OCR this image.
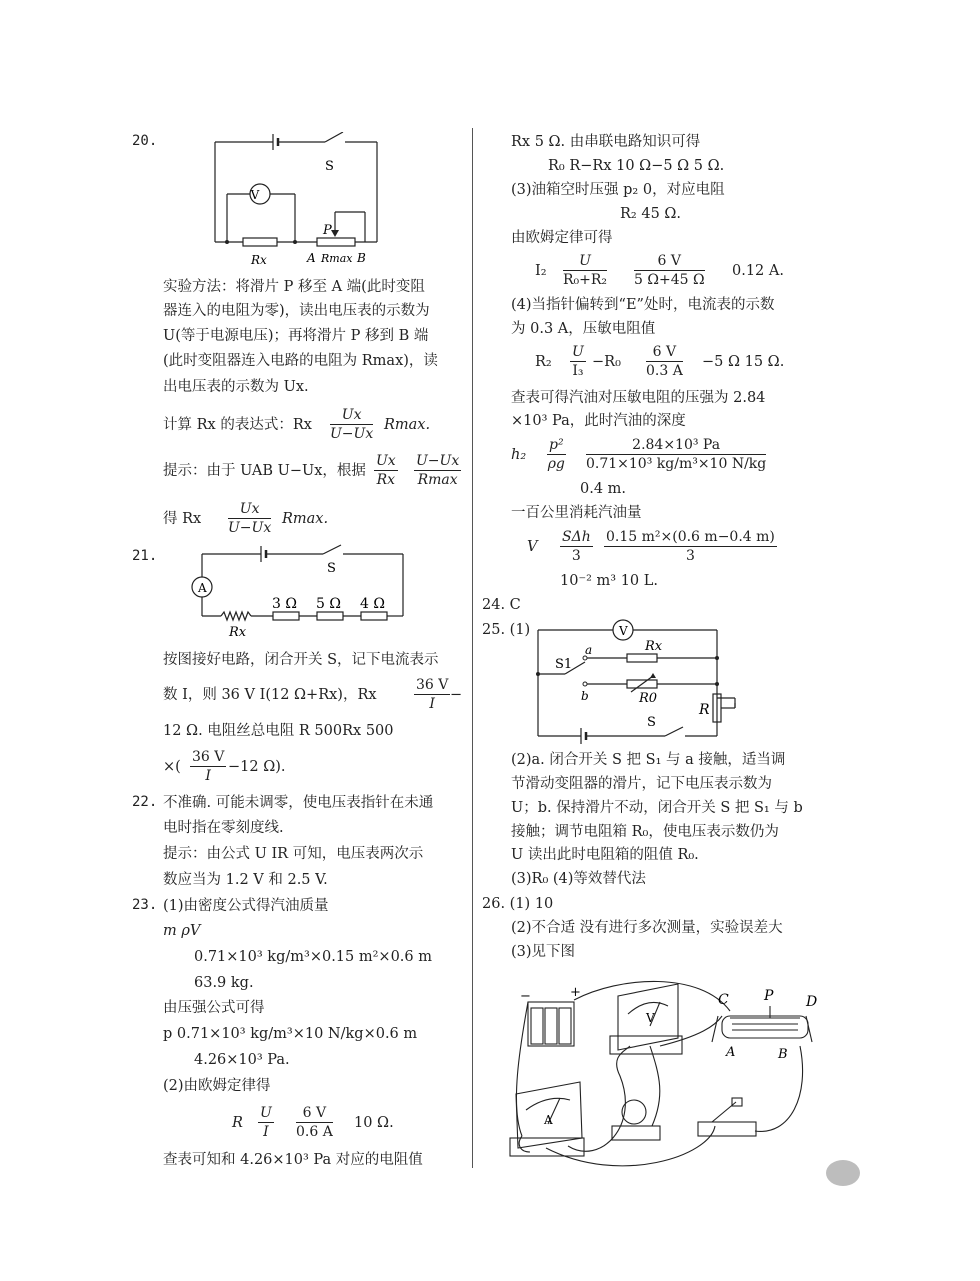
20.
S
V
P
Rx	A Rmax B
实验方法：将滑片 P 移至 A 端(此时变阻
器连入的电阻为零)，读出电压表的示数为
U(等于电源电压)；再将滑片 P 移到 B 端
(此时变阻器连入电路的电阻为 Rmax)，读
出电压表的示数为 Ux.
计算 Rx 的表达式：Rx
Ux
U−Ux
Rmax.
提示：由于 UAB U−Ux，根据
Ux
Rx
U−Ux
Rmax
得 Rx
Ux
U−Ux
Rmax.
21.
A
S
3 Ω 5 Ω 4 Ω
Rx
按图接好电路，闭合开关 S，记下电流表示
数 I，则 36 V I(12 Ω+Rx)，Rx
36 V
I
−
12 Ω. 电阻丝总电阻 R 500Rx 500
×(
36 V
I
−12 Ω).
22. 不准确. 可能未调零，使电压表指针在未通
电时指在零刻度线.
提示：由公式 U IR 可知，电压表两次示
数应当为 1.2 V 和 2.5 V.
23. (1)由密度公式得汽油质量
m ρV
0.71×10³ kg/m³×0.15 m²×0.6 m
63.9 kg.
由压强公式可得
p 0.71×10³ kg/m³×10 N/kg×0.6 m
4.26×10³ Pa.
(2)由欧姆定律得
R
U
I
6 V
0.6 A
10 Ω.
查表可知和 4.26×10³ Pa 对应的电阻值
Rx 5 Ω. 由串联电路知识可得
R₀ R−Rx 10 Ω−5 Ω 5 Ω.
(3)油箱空时压强 p₂ 0，对应电阻
R₂ 45 Ω.
由欧姆定律可得
I₂
U
R₀+R₂
6 V
5 Ω+45 Ω
0.12 A.
(4)当指针偏转到“E”处时，电流表的示数
为 0.3 A，压敏电阻值
R₂
U
I₃
−R₀
6 V
0.3 A
−5 Ω 15 Ω.
查表可得汽油对压敏电阻的压强为 2.84
×10³ Pa，此时汽油的深度
h₂
p²
ρg
2.84×10³ Pa
0.71×10³ kg/m³×10 N/kg
0.4 m.
一百公里消耗汽油量
V
SΔh
3
0.15 m²×(0.6 m−0.4 m)
3
10⁻² m³ 10 L.
24. C
25. (1)	V
S1
a
b
Rx
R0
S
R
(2)a. 闭合开关 S 把 S₁ 与 a 接触，适当调
节滑动变阻器的滑片，记下电压表示数为
U；b. 保持滑片不动，闭合开关 S 把 S₁ 与 b
接触；调节电阻箱 R₀，使电压表示数仍为
U 读出此时电阻箱的阻值 R₀.
(3)R₀ (4)等效替代法
26. (1) 10
(2)不合适 没有进行多次测量，实验误差大
(3)见下图
−	+
V
A
C	P D
A	B
